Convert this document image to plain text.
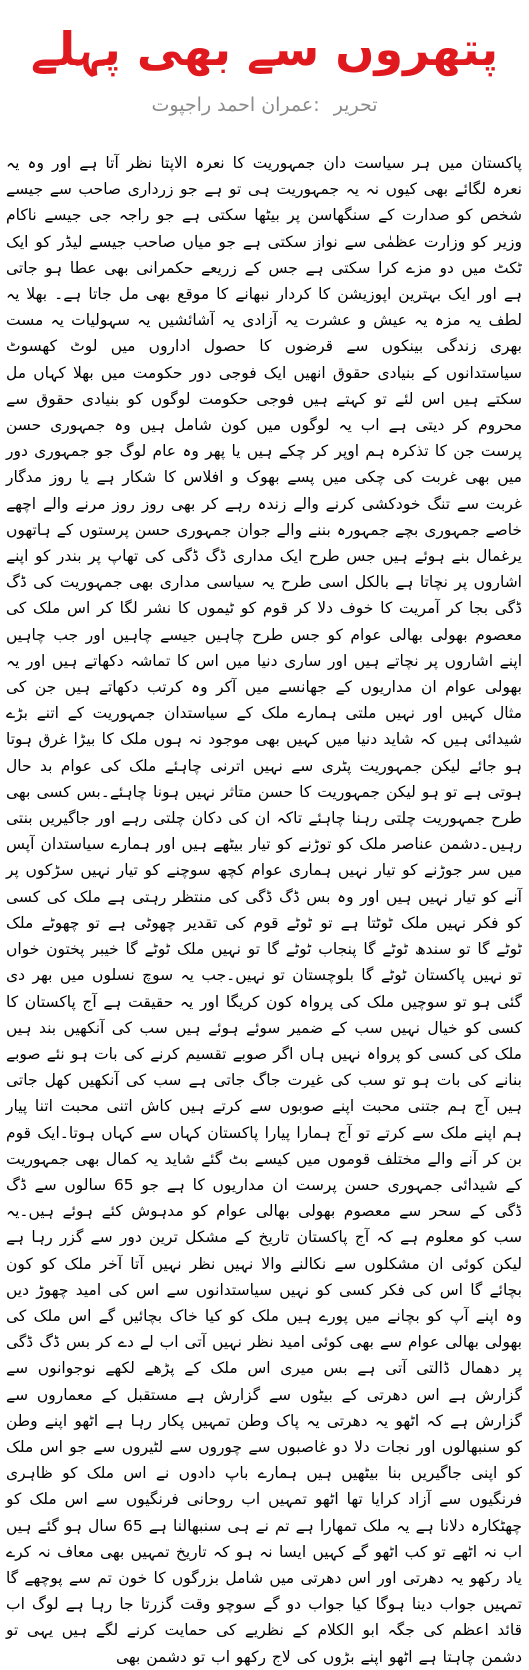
پتھروں سے بھی پہلے
تحریر :عمران احمد راجپوت

پاکستان میں ہر سیاست دان جمہوریت کا نعرہ الاپتا نظر آتا ہے اور وہ یہ نعرہ لگائے بھی کیوں نہ یہ جمہوریت ہی تو ہے جو زرداری صاحب سے جیسے شخص کو صدارت کے سنگھاسن پر بیٹھا سکتی ہے جو راجہ جی جیسے ناکام وزیر کو وزارت عظمٰی سے نواز سکتی ہے جو میاں صاحب جیسے لیڈر کو ایک ٹکٹ میں دو مزے کرا سکتی ہے جس کے زریعے حکمرانی بھی عطا ہو جاتی ہے اور ایک بہترین اپوزیشن کا کردار نبھانے کا موقع بھی مل جاتا ہے۔ بھلا یہ لطف یہ مزہ یہ عیش و عشرت یہ آزادی یہ آشائشیں یہ سہولیات یہ مست بھری زندگی بینکوں سے قرضوں کا حصول اداروں میں لوٹ کھسوٹ سیاستدانوں کے بنیادی حقوق انھیں ایک فوجی دور حکومت میں بھلا کہاں مل سکتے ہیں اس لئے تو کہتے ہیں فوجی حکومت لوگوں کو بنیادی حقوق سے محروم کر دیتی ہے اب یہ لوگوں میں کون شامل ہیں وہ جمہوری حسن پرست جن کا تذکرہ ہم اوپر کر چکے ہیں یا پھر وہ عام لوگ جو جمہوری دور میں بھی غربت کی چکی میں پسے بھوک و افلاس کا شکار ہے یا روز مدگار غربت سے تنگ خودکشی کرنے والے زندہ رہے کر بھی روز روز مرنے والے اچھے خاصے جمہوری بچے جمہورہ بننے والے جوان جمہوری حسن پرستوں کے ہاتھوں یرغمال بنے ہوئے ہیں جس طرح ایک مداری ڈگ ڈگی کی تھاپ پر بندر کو اپنے اشاروں پر نچاتا ہے بالکل اسی طرح یہ سیاسی مداری بھی جمہوریت کی ڈگ ڈگی بجا کر آمریت کا خوف دلا کر قوم کو ٹیموں کا نشر لگا کر اس ملک کی معصوم بھولی بھالی عوام کو جس طرح چاہیں جیسے چاہیں اور جب چاہیں اپنے اشاروں پر نچاتے ہیں اور ساری دنیا میں اس کا تماشہ دکھاتے ہیں اور یہ بھولی عوام ان مداریوں کے جھانسے میں آکر وہ کرتب دکھاتے ہیں جن کی مثال کہیں اور نہیں ملتی ہمارے ملک کے سیاستدان جمہوریت کے اتنے بڑے شیدائی ہیں کہ شاید دنیا میں کہیں بھی موجود نہ ہوں ملک کا بیڑا غرق ہوتا ہو جائے لیکن جمہوریت پٹری سے نہیں اترنی چاہئے ملک کی عوام بد حال ہوتی ہے تو ہو لیکن جمہوریت کا حسن متاثر نہیں ہونا چاہئے۔بس کسی بھی طرح جمہوریت چلتی رہنا چاہئے تاکہ ان کی دکان چلتی رہے اور جاگیریں بنتی رہیں۔دشمن عناصر ملک کو توڑنے کو تیار بیٹھے ہیں اور ہمارے سیاستدان آپس میں سر جوڑنے کو تیار نہیں ہماری عوام کچھ سوچنے کو تیار نہیں سڑکوں پر آنے کو تیار نہیں ہیں اور وہ بس ڈگ ڈگی کی منتظر رہتی ہے ملک کی کسی کو فکر نہیں ملک ٹوٹتا ہے تو ٹوٹے قوم کی تقدیر چھوٹی ہے تو چھوٹے ملک ٹوٹے گا تو سندھ ٹوٹے گا پنجاب ٹوٹے گا تو نہیں ملک ٹوٹے گا خیبر پختون خواں تو نہیں پاکستان ٹوٹے گا بلوچستان تو نہیں۔جب یہ سوچ نسلوں میں بھر دی گئی ہو تو سوچیں ملک کی پرواہ کون کریگا اور یہ حقیقت ہے آج پاکستان کا کسی کو خیال نہیں سب کے ضمیر سوئے ہوئے ہیں سب کی آنکھیں بند ہیں ملک کی کسی کو پرواہ نہیں ہاں اگر صوبے تقسیم کرنے کی بات ہو نئے صوبے بنانے کی بات ہو تو سب کی غیرت جاگ جاتی ہے سب کی آنکھیں کھل جاتی ہیں آج ہم جتنی محبت اپنے صوبوں سے کرتے ہیں کاش اتنی محبت اتنا پیار ہم اپنے ملک سے کرتے تو آج ہمارا پیارا پاکستان کہاں سے کہاں ہوتا۔ایک قوم بن کر آنے والے مختلف قوموں میں کیسے بٹ گئے شاید یہ کمال بھی جمہوریت کے شیدائی جمہوری حسن پرست ان مداریوں کا ہے جو 65 سالوں سے ڈگ ڈگی کے سحر سے معصوم بھولی بھالی عوام کو مدہوش کئے ہوئے ہیں۔یہ سب کو معلوم ہے کہ آج پاکستان تاریخ کے مشکل ترین دور سے گزر رہا ہے لیکن کوئی ان مشکلوں سے نکالنے والا نہیں نظر نہیں آتا آخر ملک کو کون بچائے گا اس کی فکر کسی کو نہیں سیاستدانوں سے اس کی امید چھوڑ دیں وہ اپنے آپ کو بچانے میں پورے ہیں ملک کو کیا خاک بچائیں گے اس ملک کی بھولی بھالی عوام سے بھی کوئی امید نظر نہیں آتی اب لے دے کر بس ڈگ ڈگی پر دھمال ڈالتی آتی ہے بس میری اس ملک کے پڑھے لکھے نوجوانوں سے گزارش ہے اس دھرتی کے بیٹوں سے گزارش ہے مستقبل کے معماروں سے گزارش ہے کہ اٹھو یہ دھرتی یہ پاک وطن تمہیں پکار رہا ہے اٹھو اپنے وطن کو سنبھالوں اور نجات دلا دو غاصبوں سے چوروں سے لٹیروں سے جو اس ملک کو اپنی جاگیریں بنا بیٹھیں ہیں ہمارے باپ دادوں نے اس ملک کو ظاہری فرنگیوں سے آزاد کرایا تھا اٹھو تمہیں اب روحانی فرنگیوں سے اس ملک کو چھٹکارہ دلانا ہے یہ ملک تمھارا ہے تم نے ہی سنبھالنا ہے 65 سال ہو گئے ہیں اب نہ اٹھے تو کب اٹھو گے کہیں ایسا نہ ہو کہ تاریخ تمہیں بھی معاف نہ کرے یاد رکھو یہ دھرتی اور اس دھرتی میں شامل بزرگوں کا خون تم سے پوچھے گا تمہیں جواب دینا ہوگا کیا جواب دو گے سوچو وقت گزرتا جا رہا ہے لوگ اب قائد اعظم کی جگہ ابو الکلام کے نظریے کی حمایت کرنے لگے ہیں یہی تو دشمن چاہتا ہے اٹھو اپنے بڑوں کی لاج رکھو اب تو دشمن بھی
